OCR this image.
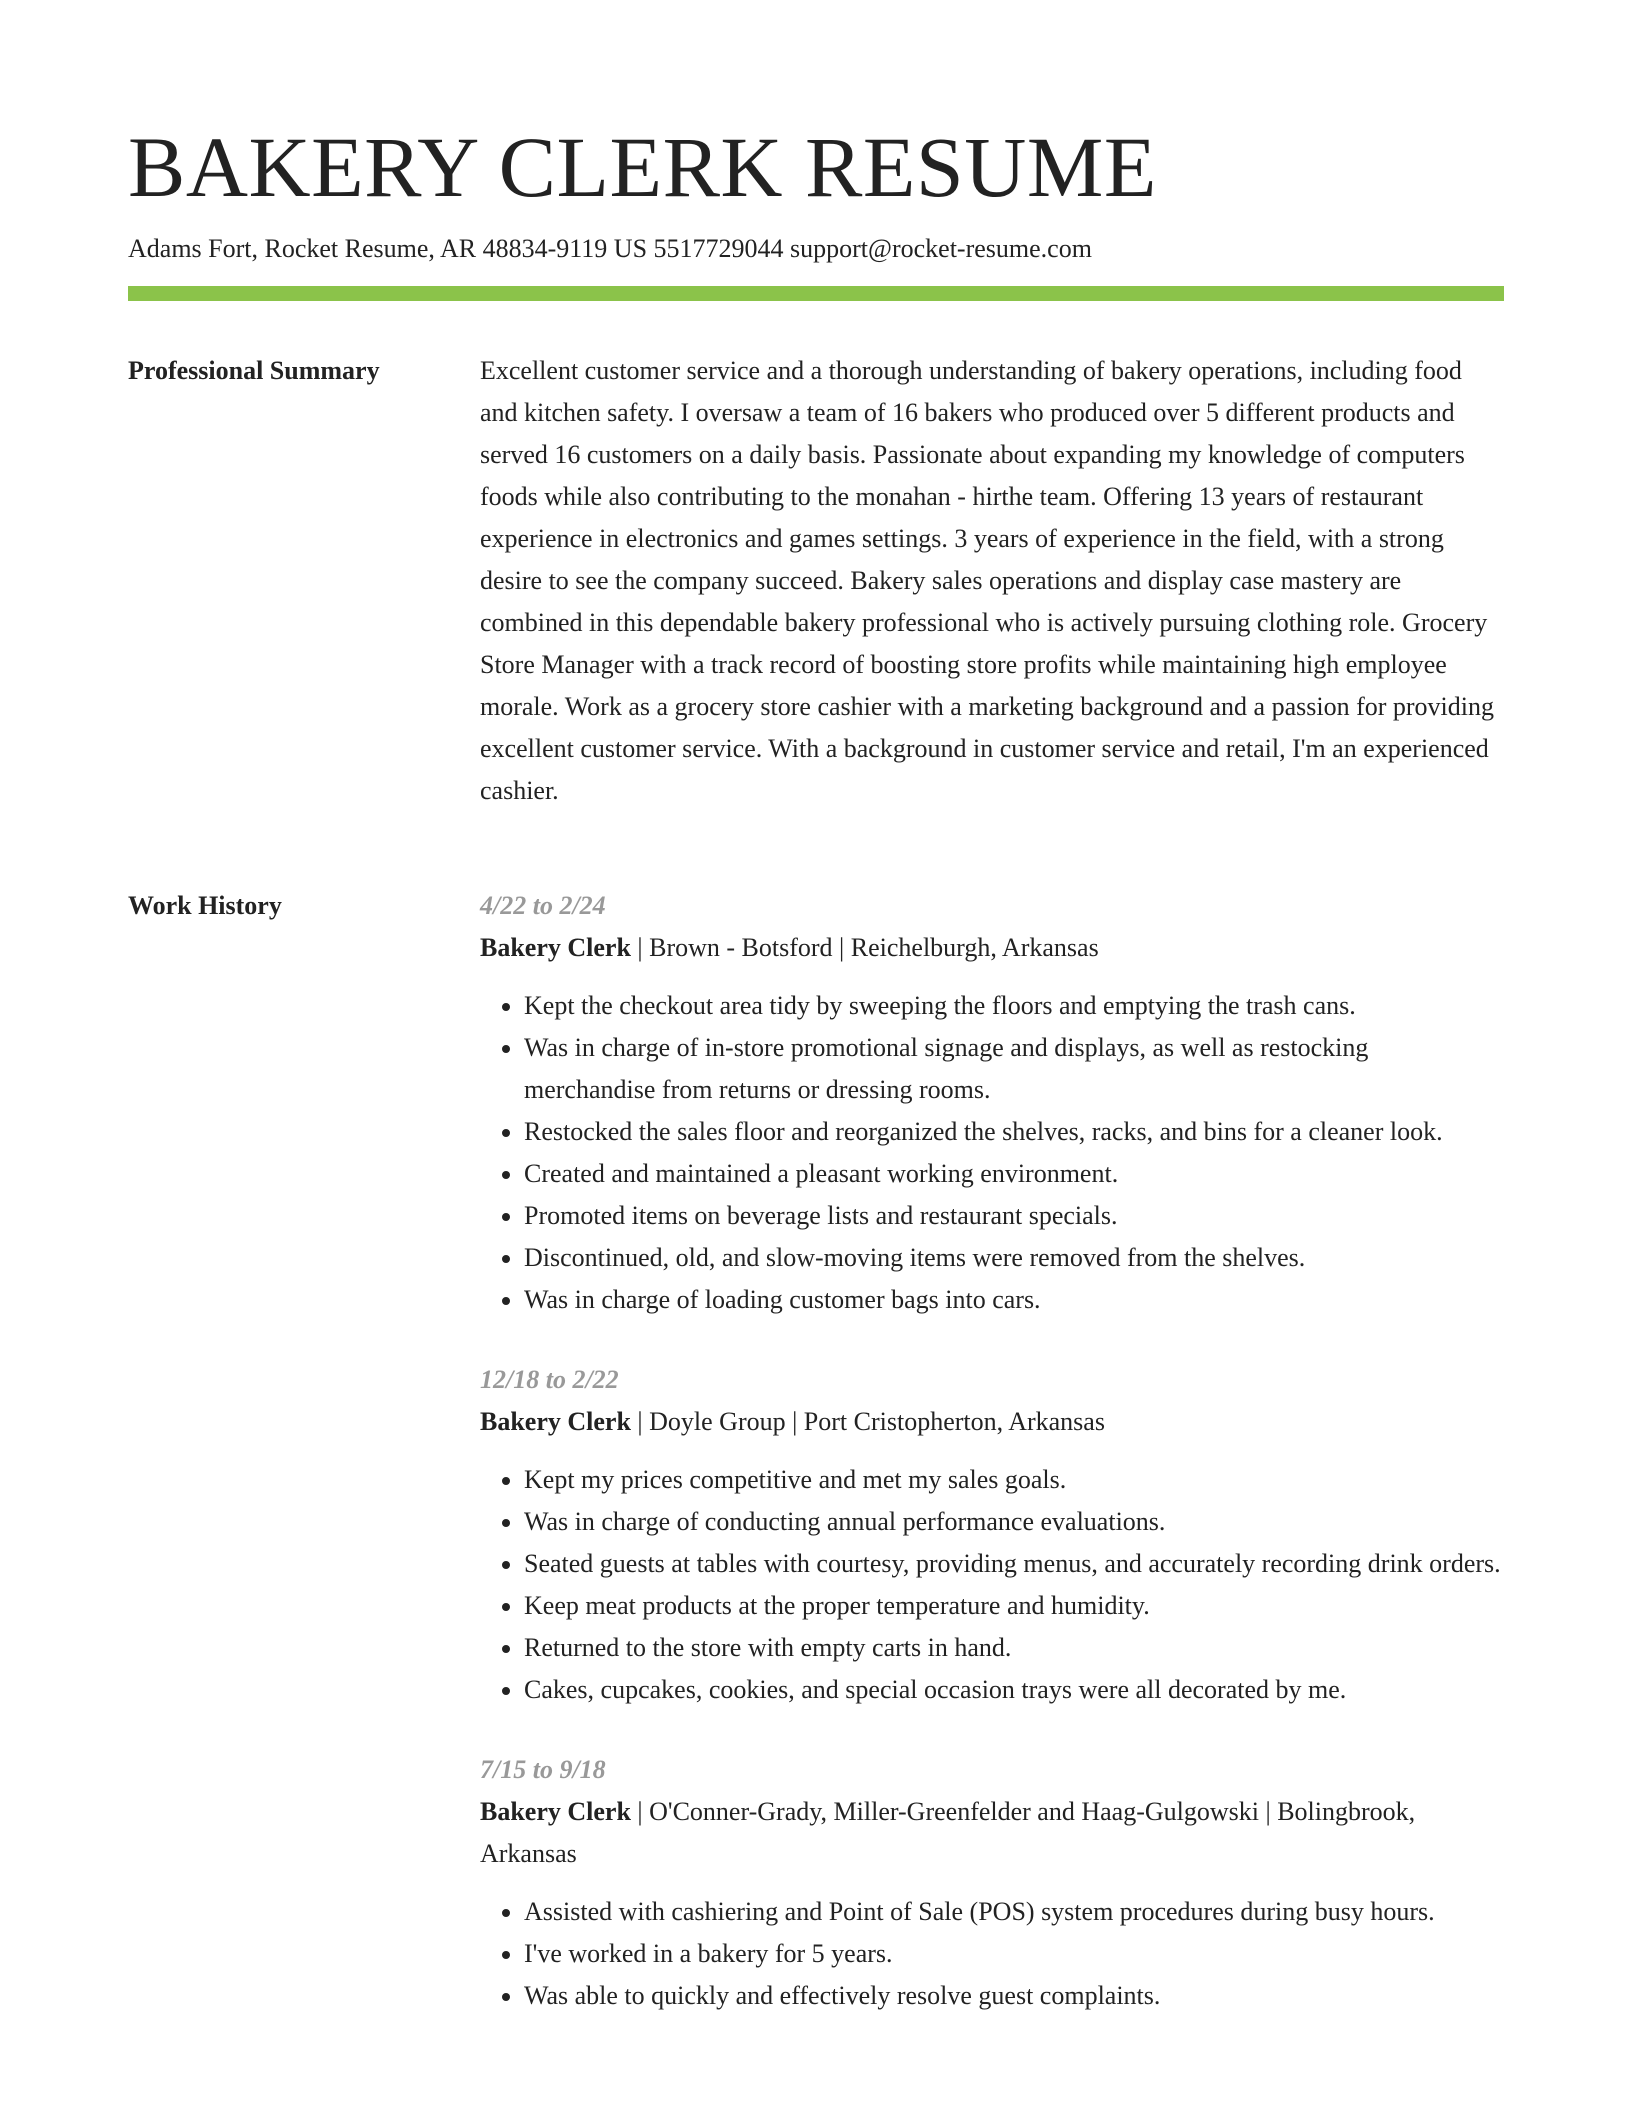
BAKERY CLERK RESUME
Adams Fort, Rocket Resume, AR 48834-9119 US 5517729044 support@rocket-resume.com
Professional Summary	Excellent customer service and a thorough understanding of bakery operations, including food and kitchen safety. I oversaw a team of 16 bakers who produced over 5 different products and served 16 customers on a daily basis. Passionate about expanding my knowledge of computers foods while also contributing to the monahan - hirthe team. Offering 13 years of restaurant experience in electronics and games settings. 3 years of experience in the field, with a strong desire to see the company succeed. Bakery sales operations and display case mastery are combined in this dependable bakery professional who is actively pursuing clothing role. Grocery Store Manager with a track record of boosting store profits while maintaining high employee morale. Work as a grocery store cashier with a marketing background and a passion for providing excellent customer service. With a background in customer service and retail, I'm an experienced cashier.

Work History	4/22 to 2/24
Bakery Clerk | Brown - Botsford | Reichelburgh, Arkansas
• Kept the checkout area tidy by sweeping the floors and emptying the trash cans.
• Was in charge of in-store promotional signage and displays, as well as restocking merchandise from returns or dressing rooms.
• Restocked the sales floor and reorganized the shelves, racks, and bins for a cleaner look.
• Created and maintained a pleasant working environment.
• Promoted items on beverage lists and restaurant specials.
• Discontinued, old, and slow-moving items were removed from the shelves.
• Was in charge of loading customer bags into cars.
12/18 to 2/22
Bakery Clerk | Doyle Group | Port Cristopherton, Arkansas
• Kept my prices competitive and met my sales goals.
• Was in charge of conducting annual performance evaluations.
• Seated guests at tables with courtesy, providing menus, and accurately recording drink orders.
• Keep meat products at the proper temperature and humidity.
• Returned to the store with empty carts in hand.
• Cakes, cupcakes, cookies, and special occasion trays were all decorated by me.
7/15 to 9/18
Bakery Clerk | O'Conner-Grady, Miller-Greenfelder and Haag-Gulgowski | Bolingbrook, Arkansas
• Assisted with cashiering and Point of Sale (POS) system procedures during busy hours.
• I've worked in a bakery for 5 years.
• Was able to quickly and effectively resolve guest complaints.
